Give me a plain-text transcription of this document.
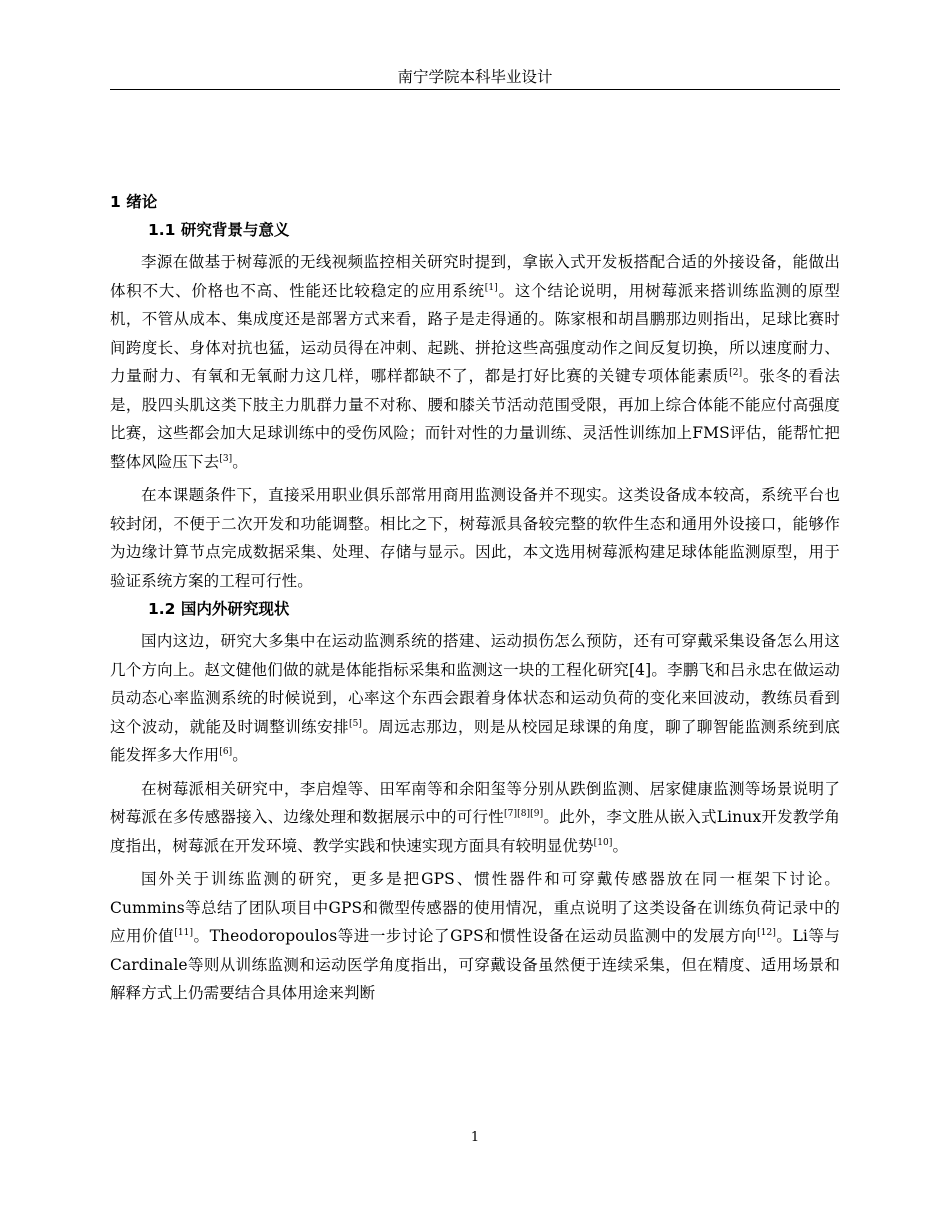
南宁学院本科毕业设计
1 绪论
1.1 研究背景与意义

李源在做基于树莓派的无线视频监控相关研究时提到，拿嵌入式开发板搭配合适的外接设备，能做出体积不大、价格也不高、性能还比较稳定的应用系统[1]。这个结论说明，用树莓派来搭训练监测的原型机，不管从成本、集成度还是部署方式来看，路子是走得通的。陈家根和胡昌鹏那边则指出，足球比赛时间跨度长、身体对抗也猛，运动员得在冲刺、起跳、拼抢这些高强度动作之间反复切换，所以速度耐力、力量耐力、有氧和无氧耐力这几样，哪样都缺不了，都是打好比赛的关键专项体能素质[2]。张冬的看法是，股四头肌这类下肢主力肌群力量不对称、腰和膝关节活动范围受限，再加上综合体能不能应付高强度比赛，这些都会加大足球训练中的受伤风险；而针对性的力量训练、灵活性训练加上FMS评估，能帮忙把整体风险压下去[3]。

在本课题条件下，直接采用职业俱乐部常用商用监测设备并不现实。这类设备成本较高，系统平台也较封闭，不便于二次开发和功能调整。相比之下，树莓派具备较完整的软件生态和通用外设接口，能够作为边缘计算节点完成数据采集、处理、存储与显示。因此，本文选用树莓派构建足球体能监测原型，用于验证系统方案的工程可行性。

1.2 国内外研究现状

国内这边，研究大多集中在运动监测系统的搭建、运动损伤怎么预防，还有可穿戴采集设备怎么用这几个方向上。赵文健他们做的就是体能指标采集和监测这一块的工程化研究[4]。李鹏飞和吕永忠在做运动员动态心率监测系统的时候说到，心率这个东西会跟着身体状态和运动负荷的变化来回波动，教练员看到这个波动，就能及时调整训练安排[5]。周远志那边，则是从校园足球课的角度，聊了聊智能监测系统到底能发挥多大作用[6]。

在树莓派相关研究中，李启煌等、田军南等和余阳玺等分别从跌倒监测、居家健康监测等场景说明了树莓派在多传感器接入、边缘处理和数据展示中的可行性[7][8][9]。此外，李文胜从嵌入式Linux开发教学角度指出，树莓派在开发环境、教学实践和快速实现方面具有较明显优势[10]。

国外关于训练监测的研究，更多是把GPS、惯性器件和可穿戴传感器放在同一框架下讨论。Cummins等总结了团队项目中GPS和微型传感器的使用情况，重点说明了这类设备在训练负荷记录中的应用价值[11]。Theodoropoulos等进一步讨论了GPS和惯性设备在运动员监测中的发展方向[12]。Li等与Cardinale等则从训练监测和运动医学角度指出，可穿戴设备虽然便于连续采集，但在精度、适用场景和解释方式上仍需要结合具体用途来判断

1
